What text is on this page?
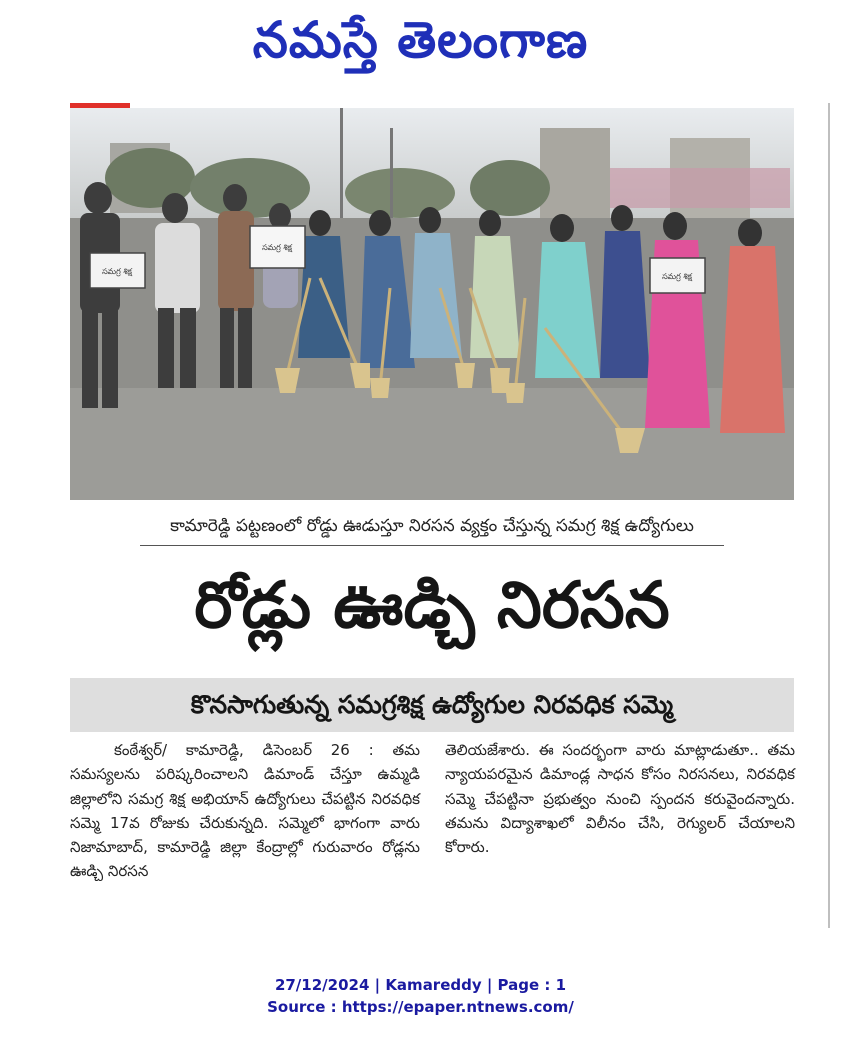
నమస్తే తెలంగాణ
సమగ్ర శిక్ష
సమగ్ర శిక్ష
సమగ్ర శిక్ష
కామారెడ్డి పట్టణంలో రోడ్డు ఊడుస్తూ నిరసన వ్యక్తం చేస్తున్న సమగ్ర శిక్ష ఉద్యోగులు
రోడ్లు ఊడ్చి నిరసన
కొనసాగుతున్న సమగ్రశిక్ష ఉద్యోగుల నిరవధిక సమ్మె
కంఠేశ్వర్/ కామారెడ్డి, డిసెంబర్ 26 : తమ సమస్యలను పరిష్కరించాలని డిమాండ్ చేస్తూ ఉమ్మడి జిల్లాలోని సమగ్ర శిక్ష అభియాన్ ఉద్యోగులు చేపట్టిన నిరవధిక సమ్మె 17వ రోజుకు చేరుకున్నది. సమ్మెలో భాగంగా వారు నిజామాబాద్, కామారెడ్డి జిల్లా కేంద్రాల్లో గురువారం రోడ్లను ఊడ్చి నిరసన
తెలియజేశారు. ఈ సందర్భంగా వారు మాట్లాడుతూ.. తమ న్యాయపరమైన డిమాండ్ల సాధన కోసం నిరసనలు, నిరవధిక సమ్మె చేపట్టినా ప్రభుత్వం నుంచి స్పందన కరువైందన్నారు. తమను విద్యాశాఖలో విలీనం చేసి, రెగ్యులర్ చేయాలని కోరారు.
27/12/2024 | Kamareddy | Page : 1
Source : https://epaper.ntnews.com/
